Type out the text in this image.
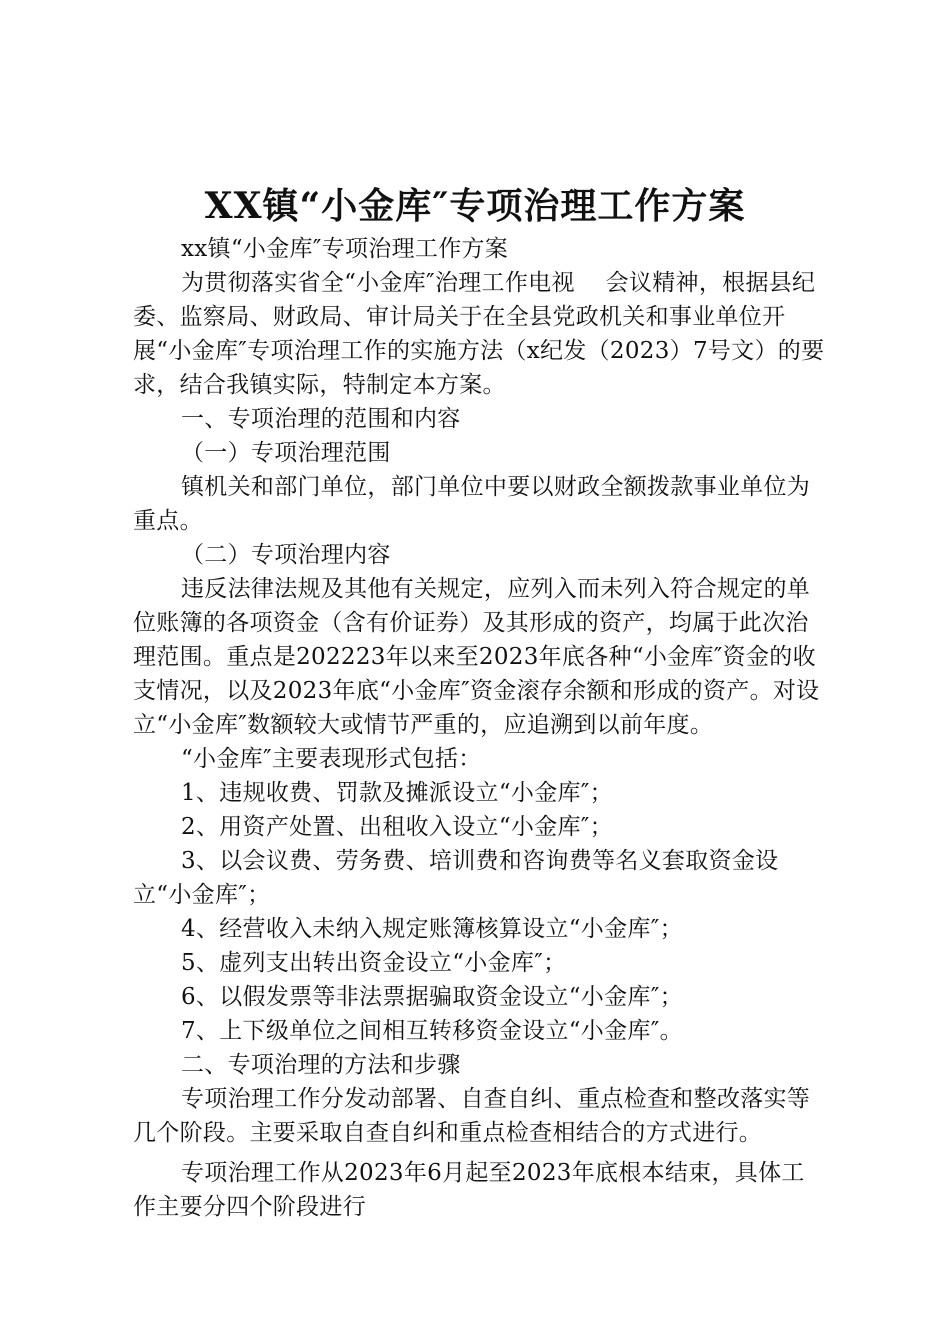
XX镇“小金库″专项治理工作方案

xx镇“小金库″专项治理工作方案

为贯彻落实省全“小金库″治理工作电视　 会议精神，根据县纪委、监察局、财政局、审计局关于在全县党政机关和事业单位开展“小金库″专项治理工作的实施方法（x纪发（2023）7号文）的要求，结合我镇实际，特制定本方案。

一、专项治理的范围和内容

（一）专项治理范围

镇机关和部门单位，部门单位中要以财政全额拨款事业单位为重点。

（二）专项治理内容

违反法律法规及其他有关规定，应列入而未列入符合规定的单位账簿的各项资金（含有价证券）及其形成的资产，均属于此次治理范围。重点是202223年以来至2023年底各种“小金库″资金的收支情况，以及2023年底“小金库″资金滚存余额和形成的资产。对设立“小金库″数额较大或情节严重的，应追溯到以前年度。

“小金库″主要表现形式包括：

1、违规收费、罚款及摊派设立“小金库″；

2、用资产处置、出租收入设立“小金库″；

3、以会议费、劳务费、培训费和咨询费等名义套取资金设立“小金库″；

4、经营收入未纳入规定账簿核算设立“小金库″；

5、虚列支出转出资金设立“小金库″；

6、以假发票等非法票据骗取资金设立“小金库″；

7、上下级单位之间相互转移资金设立“小金库″。

二、专项治理的方法和步骤

专项治理工作分发动部署、自查自纠、重点检查和整改落实等几个阶段。主要采取自查自纠和重点检查相结合的方式进行。

专项治理工作从2023年6月起至2023年底根本结束，具体工作主要分四个阶段进行
